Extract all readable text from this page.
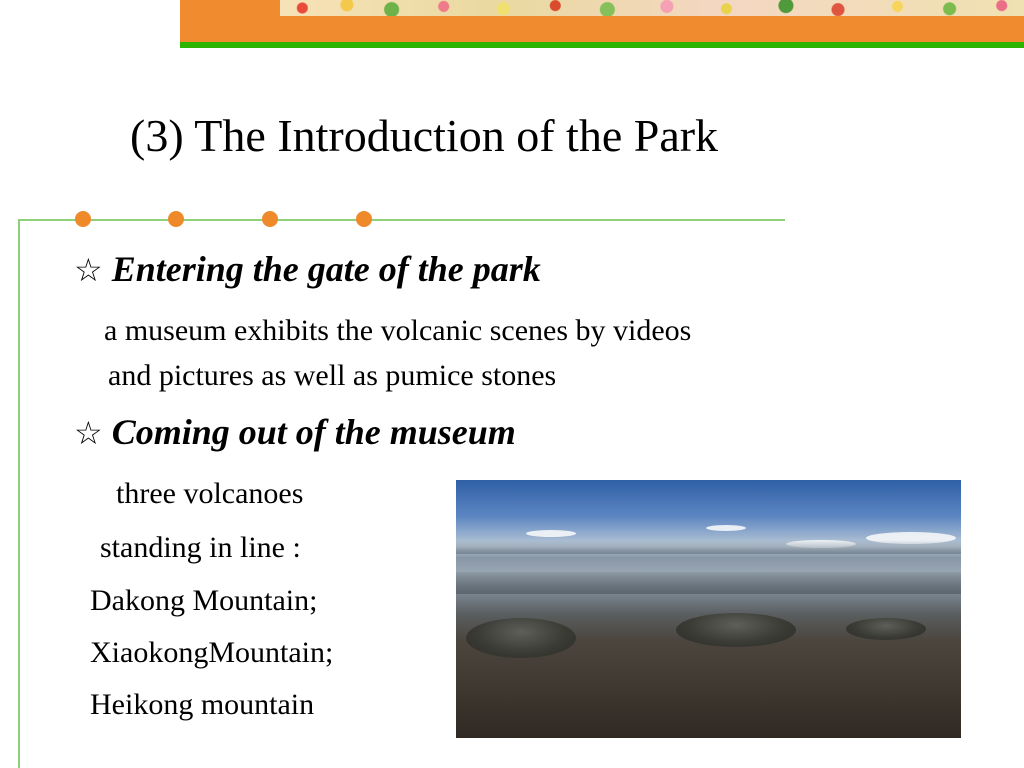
(3) The Introduction of the Park
☆ Entering the gate of the park
a museum exhibits the volcanic scenes by videos
and pictures as well as pumice stones
☆ Coming out of the museum
three volcanoes
standing in line :
Dakong Mountain;
XiaokongMountain;
Heikong mountain
